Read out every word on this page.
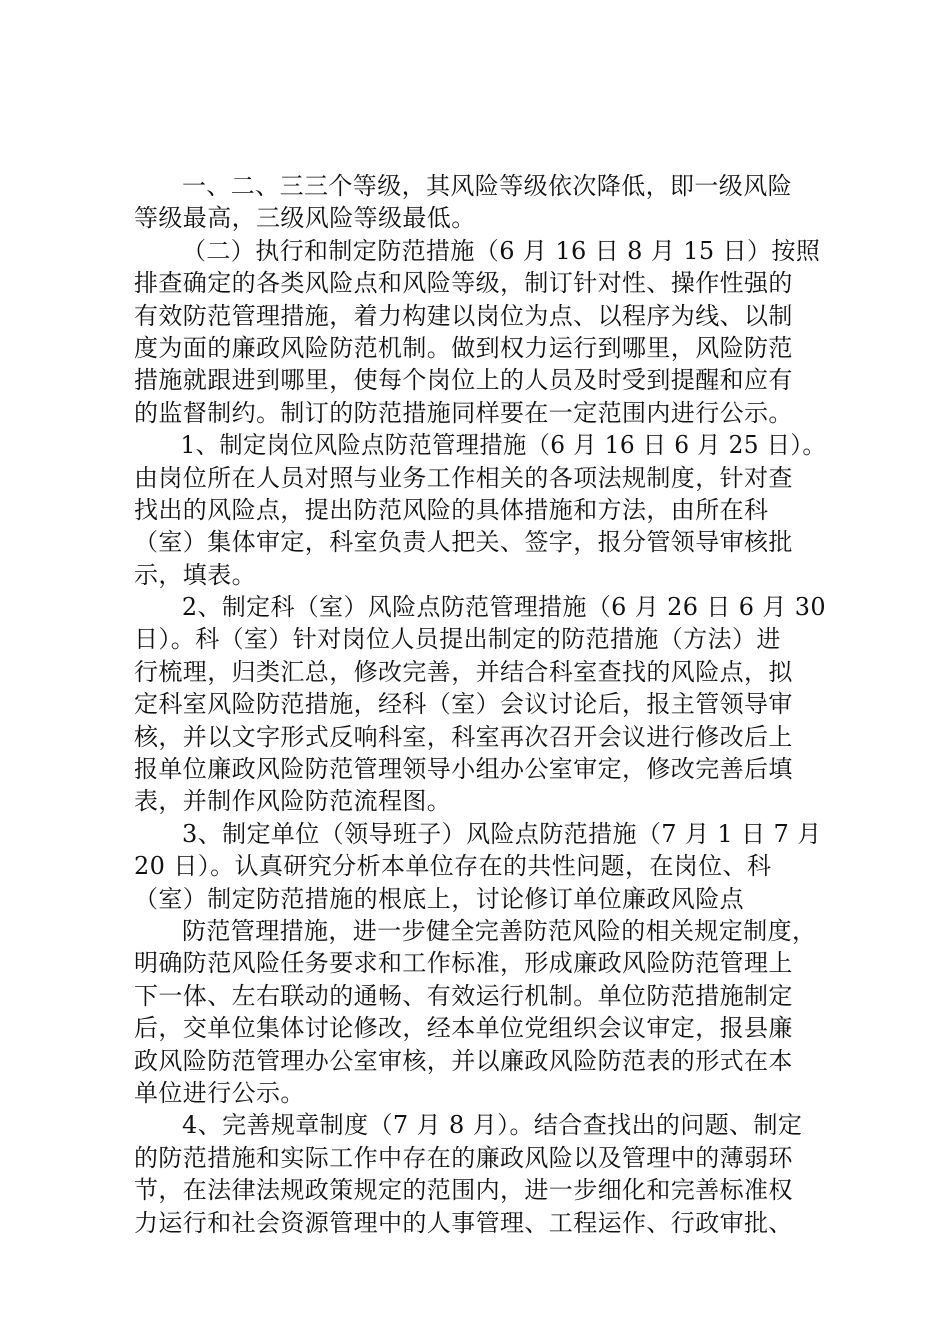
一、二、三三个等级，其风险等级依次降低，即一级风险
等级最高，三级风险等级最低。
（二）执行和制定防范措施（6 月 16 日 8 月 15 日）按照
排查确定的各类风险点和风险等级，制订针对性、操作性强的
有效防范管理措施，着力构建以岗位为点、以程序为线、以制
度为面的廉政风险防范机制。做到权力运行到哪里，风险防范
措施就跟进到哪里，使每个岗位上的人员及时受到提醒和应有
的监督制约。制订的防范措施同样要在一定范围内进行公示。
1、制定岗位风险点防范管理措施（6 月 16 日 6 月 25 日）。
由岗位所在人员对照与业务工作相关的各项法规制度，针对查
找出的风险点，提出防范风险的具体措施和方法，由所在科
（室）集体审定，科室负责人把关、签字，报分管领导审核批
示，填表。
2、制定科（室）风险点防范管理措施（6 月 26 日 6 月 30
日）。科（室）针对岗位人员提出制定的防范措施（方法）进
行梳理，归类汇总，修改完善，并结合科室查找的风险点，拟
定科室风险防范措施，经科（室）会议讨论后，报主管领导审
核，并以文字形式反响科室，科室再次召开会议进行修改后上
报单位廉政风险防范管理领导小组办公室审定，修改完善后填
表，并制作风险防范流程图。
3、制定单位（领导班子）风险点防范措施（7 月 1 日 7 月
20 日）。认真研究分析本单位存在的共性问题，在岗位、科
（室）制定防范措施的根底上，讨论修订单位廉政风险点
防范管理措施，进一步健全完善防范风险的相关规定制度，
明确防范风险任务要求和工作标准，形成廉政风险防范管理上
下一体、左右联动的通畅、有效运行机制。单位防范措施制定
后，交单位集体讨论修改，经本单位党组织会议审定，报县廉
政风险防范管理办公室审核，并以廉政风险防范表的形式在本
单位进行公示。
4、完善规章制度（7 月 8 月）。结合查找出的问题、制定
的防范措施和实际工作中存在的廉政风险以及管理中的薄弱环
节，在法律法规政策规定的范围内，进一步细化和完善标准权
力运行和社会资源管理中的人事管理、工程运作、行政审批、
